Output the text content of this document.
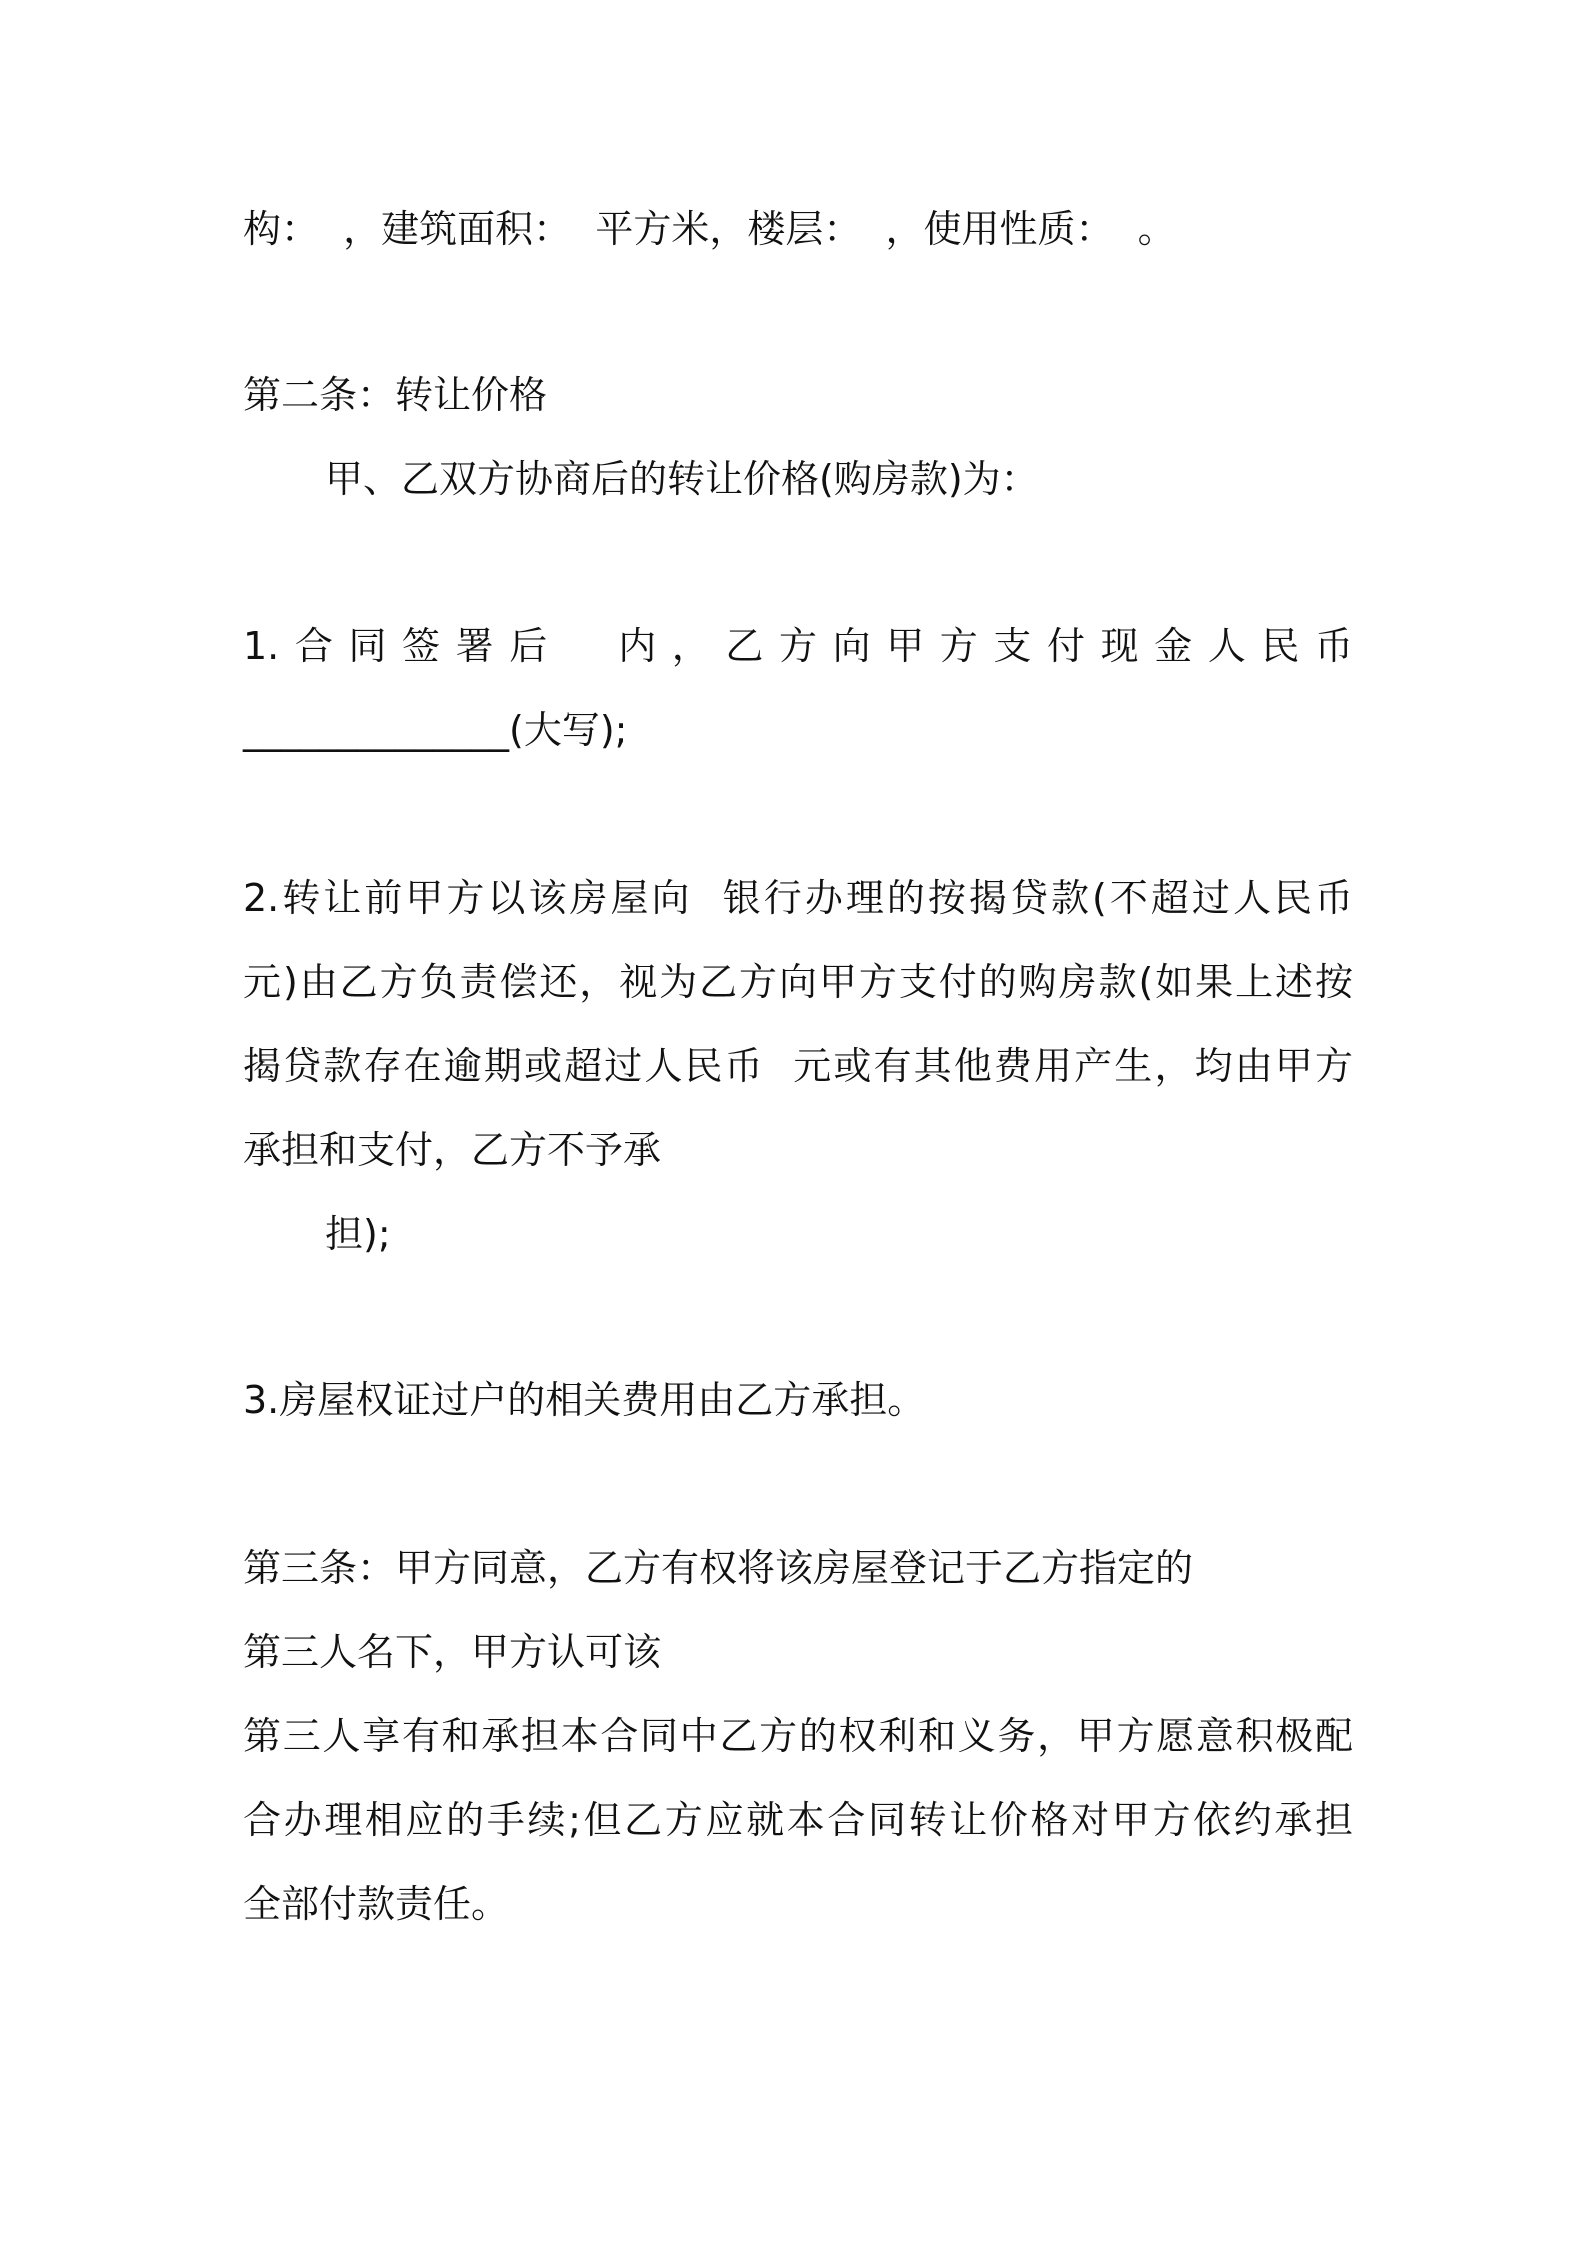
构：  ，建筑面积：  平方米，楼层：  ，使用性质：  。
第二条：转让价格
甲、乙双方协商后的转让价格(购房款)为：
1.合同签署后  内，乙方向甲方支付现金人民币
______________(大写);
2.转让前甲方以该房屋向  银行办理的按揭贷款(不超过人民币
元)由乙方负责偿还，视为乙方向甲方支付的购房款(如果上述按
揭贷款存在逾期或超过人民币  元或有其他费用产生，均由甲方
承担和支付，乙方不予承
担);
3.房屋权证过户的相关费用由乙方承担。
第三条：甲方同意，乙方有权将该房屋登记于乙方指定的
第三人名下，甲方认可该
第三人享有和承担本合同中乙方的权利和义务，甲方愿意积极配
合办理相应的手续;但乙方应就本合同转让价格对甲方依约承担
全部付款责任。
